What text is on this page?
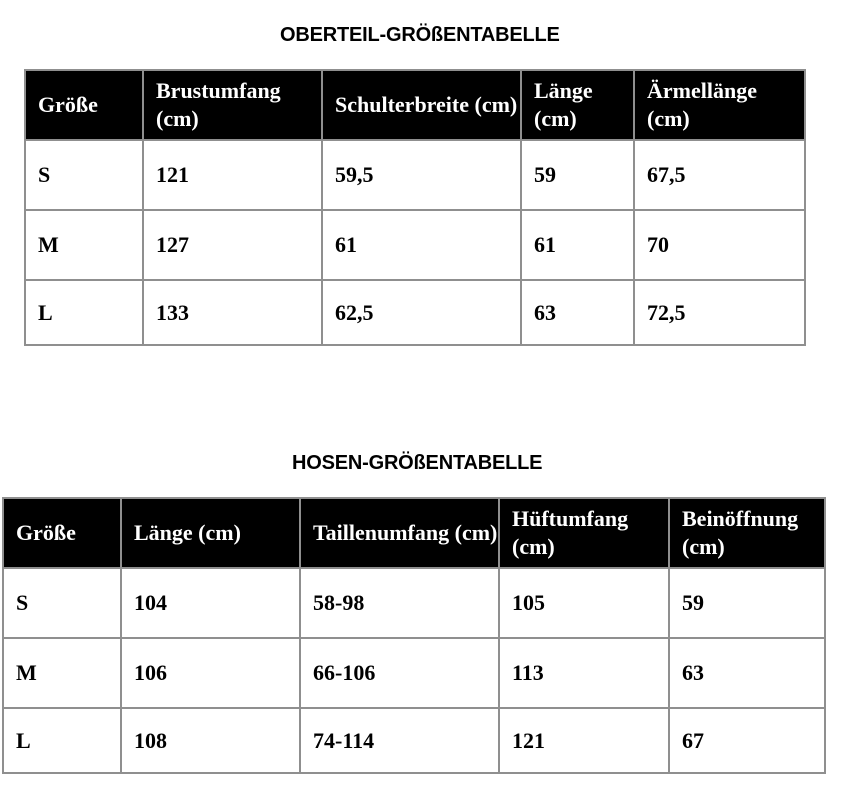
OBERTEIL-GRÖßENTABELLE
Größe	Brustumfang (cm)	Schulterbreite (cm)	Länge (cm)	Ärmellänge (cm)
S	121	59,5	59	67,5
M	127	61	61	70
L	133	62,5	63	72,5
HOSEN-GRÖßENTABELLE
Größe	Länge (cm)	Taillenumfang (cm)	Hüftumfang (cm)	Beinöffnung (cm)
S	104	58-98	105	59
M	106	66-106	113	63
L	108	74-114	121	67
